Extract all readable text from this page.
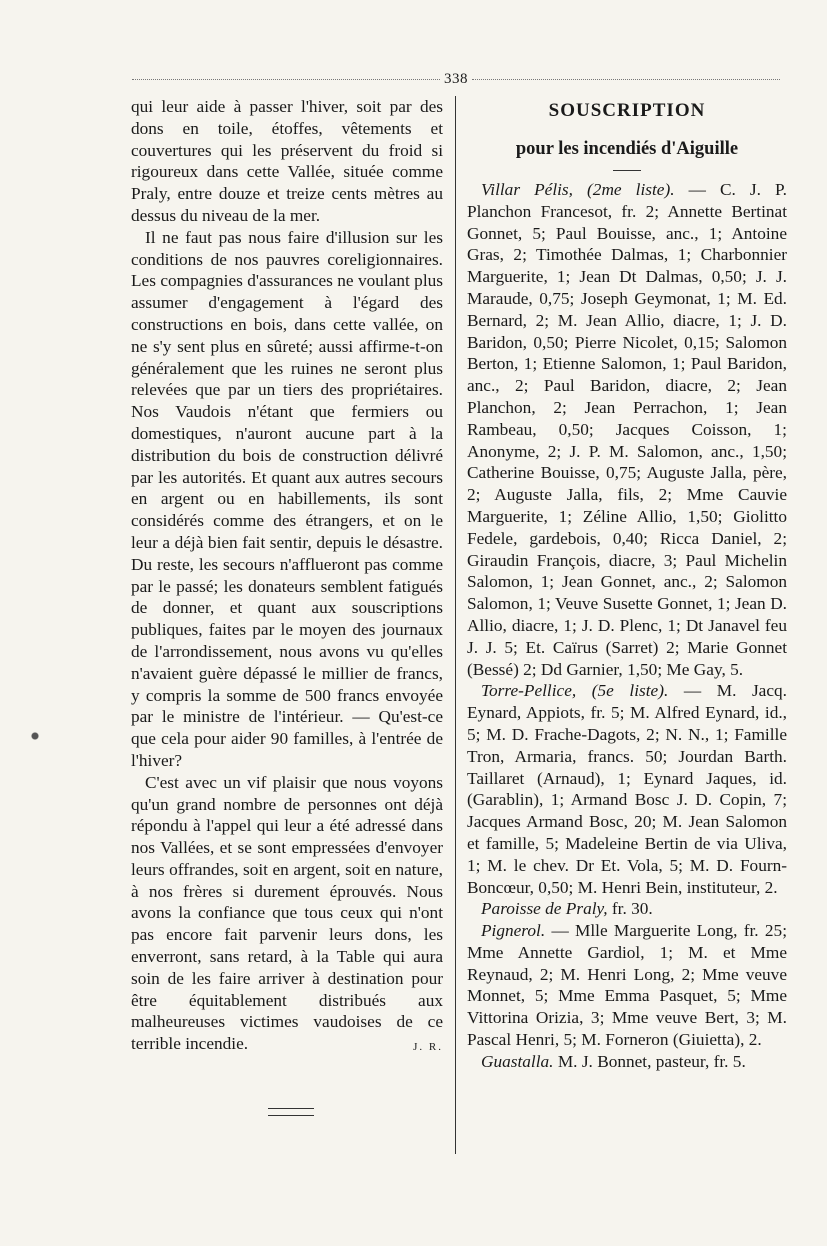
338

qui leur aide à passer l'hiver, soit par des dons en toile, étoffes, vêtements et couvertures qui les préservent du froid si rigoureux dans cette Vallée, située comme Praly, entre douze et treize cents mètres au dessus du niveau de la mer.

Il ne faut pas nous faire d'illusion sur les conditions de nos pauvres coreligionnaires. Les compagnies d'assurances ne voulant plus assumer d'engagement à l'égard des constructions en bois, dans cette vallée, on ne s'y sent plus en sûreté; aussi affirme-t-on généralement que les ruines ne seront plus relevées que par un tiers des propriétaires. Nos Vaudois n'étant que fermiers ou domestiques, n'auront aucune part à la distribution du bois de construction délivré par les autorités. Et quant aux autres secours en argent ou en habillements, ils sont considérés comme des étrangers, et on le leur a déjà bien fait sentir, depuis le désastre. Du reste, les secours n'afflueront pas comme par le passé; les donateurs semblent fatigués de donner, et quant aux souscriptions publiques, faites par le moyen des journaux de l'arrondissement, nous avons vu qu'elles n'avaient guère dépassé le millier de francs, y compris la somme de 500 francs envoyée par le ministre de l'intérieur. — Qu'est-ce que cela pour aider 90 familles, à l'entrée de l'hiver?

C'est avec un vif plaisir que nous voyons qu'un grand nombre de personnes ont déjà répondu à l'appel qui leur a été adressé dans nos Vallées, et se sont empressées d'envoyer leurs offrandes, soit en argent, soit en nature, à nos frères si durement éprouvés. Nous avons la confiance que tous ceux qui n'ont pas encore fait parvenir leurs dons, les enverront, sans retard, à la Table qui aura soin de les faire arriver à destination pour être équitablement distribués aux malheureuses victimes vaudoises de ce terrible incendie.	J. R.

SOUSCRIPTION
pour les incendiés d'Aiguille

Villar Pélis, (2me liste). — C. J. P. Planchon Francesot, fr. 2; Annette Bertinat Gonnet, 5; Paul Bouisse, anc., 1; Antoine Gras, 2; Timothée Dalmas, 1; Charbonnier Marguerite, 1; Jean Dt Dalmas, 0,50; J. J. Maraude, 0,75; Joseph Geymonat, 1; M. Ed. Bernard, 2; M. Jean Allio, diacre, 1; J. D. Baridon, 0,50; Pierre Nicolet, 0,15; Salomon Berton, 1; Etienne Salomon, 1; Paul Baridon, anc., 2; Paul Baridon, diacre, 2; Jean Planchon, 2; Jean Perrachon, 1; Jean Rambeau, 0,50; Jacques Coisson, 1; Anonyme, 2; J. P. M. Salomon, anc., 1,50; Catherine Bouisse, 0,75; Auguste Jalla, père, 2; Auguste Jalla, fils, 2; Mme Cauvie Marguerite, 1; Zéline Allio, 1,50; Giolitto Fedele, gardebois, 0,40; Ricca Daniel, 2; Giraudin François, diacre, 3; Paul Michelin Salomon, 1; Jean Gonnet, anc., 2; Salomon Salomon, 1; Veuve Susette Gonnet, 1; Jean D. Allio, diacre, 1; J. D. Plenc, 1; Dt Janavel feu J. J. 5; Et. Caïrus (Sarret) 2; Marie Gonnet (Bessé) 2; Dd Garnier, 1,50; Me Gay, 5.

Torre-Pellice, (5e liste). — M. Jacq. Eynard, Appiots, fr. 5; M. Alfred Eynard, id., 5; M. D. Frache-Dagots, 2; N. N., 1; Famille Tron, Armaria, francs. 50; Jourdan Barth. Taillaret (Arnaud), 1; Eynard Jaques, id. (Garablin), 1; Armand Bosc J. D. Copin, 7; Jacques Armand Bosc, 20; M. Jean Salomon et famille, 5; Madeleine Bertin de via Uliva, 1; M. le chev. Dr Et. Vola, 5; M. D. Fourn-Boncœur, 0,50; M. Henri Bein, instituteur, 2.

Paroisse de Praly, fr. 30.

Pignerol. — Mlle Marguerite Long, fr. 25; Mme Annette Gardiol, 1; M. et Mme Reynaud, 2; M. Henri Long, 2; Mme veuve Monnet, 5; Mme Emma Pasquet, 5; Mme Vittorina Orizia, 3; Mme veuve Bert, 3; M. Pascal Henri, 5; M. Forneron (Giuietta), 2.

Guastalla. M. J. Bonnet, pasteur, fr. 5.
